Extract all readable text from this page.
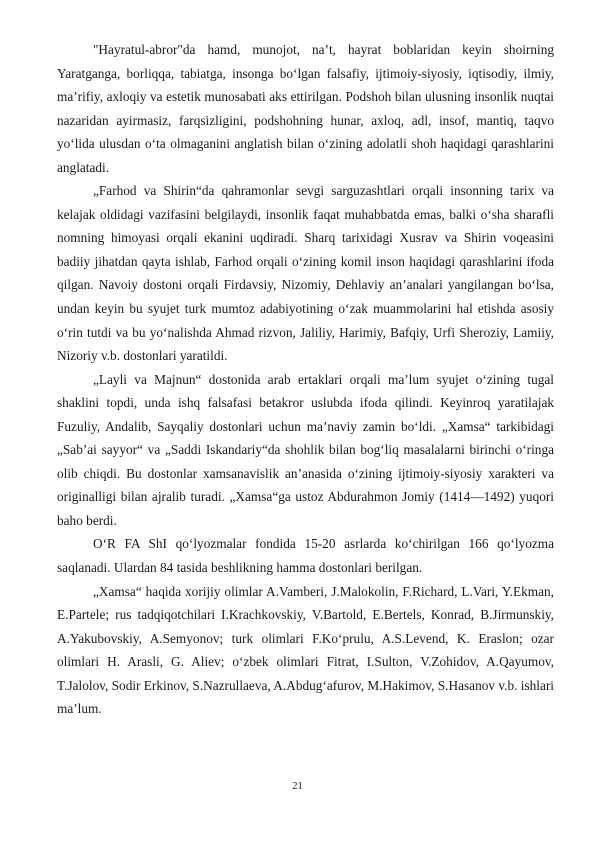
"Hayratul-abror"da hamd, munojot, naʼt, hayrat boblaridan keyin shoirning Yaratganga, borliqqa, tabiatga, insonga boʻlgan falsafiy, ijtimoiy-siyosiy, iqtisodiy, ilmiy, maʼrifiy, axloqiy va estetik munosabati aks ettirilgan. Podshoh bilan ulusning insonlik nuqtai nazaridan ayirmasiz, farqsizligini, podshohning hunar, axloq, adl, insof, mantiq, taqvo yoʻlida ulusdan oʻta olmaganini anglatish bilan oʻzining adolatli shoh haqidagi qarashlarini anglatadi.

„Farhod va Shirin“da qahramonlar sevgi sarguzashtlari orqali insonning tarix va kelajak oldidagi vazifasini belgilaydi, insonlik faqat muhabbatda emas, balki oʻsha sharafli nomning himoyasi orqali ekanini uqdiradi. Sharq tarixidagi Xusrav va Shirin voqeasini badiiy jihatdan qayta ishlab, Farhod orqali oʻzining komil inson haqidagi qarashlarini ifoda qilgan. Navoiy dostoni orqali Firdavsiy, Nizomiy, Dehlaviy anʼanalari yangilangan boʻlsa, undan keyin bu syujet turk mumtoz adabiyotining oʻzak muammolarini hal etishda asosiy oʻrin tutdi va bu yoʻnalishda Ahmad rizvon, Jaliliy, Harimiy, Bafqiy, Urfi Sheroziy, Lamiiy, Nizoriy v.b. dostonlari yaratildi.

„Layli va Majnun“ dostonida arab ertaklari orqali maʼlum syujet oʻzining tugal shaklini topdi, unda ishq falsafasi betakror uslubda ifoda qilindi. Keyinroq yaratilajak Fuzuliy, Andalib, Sayqaliy dostonlari uchun maʼnaviy zamin boʻldi. „Xamsa“ tarkibidagi „Sabʼai sayyor“ va „Saddi Iskandariy“da shohlik bilan bogʻliq masalalarni birinchi oʻringa olib chiqdi. Bu dostonlar xamsanavislik anʼanasida oʻzining ijtimoiy-siyosiy xarakteri va originalligi bilan ajralib turadi. „Xamsa“ga ustoz Abdurahmon Jomiy (1414—1492) yuqori baho berdi.

OʻR FA ShI qoʻlyozmalar fondida 15-20 asrlarda koʻchirilgan 166 qoʻlyozma saqlanadi. Ulardan 84 tasida beshlikning hamma dostonlari berilgan.

„Xamsa“ haqida xorijiy olimlar A.Vamberi, J.Malokolin, F.Richard, L.Vari, Y.Ekman, E.Partele; rus tadqiqotchilari I.Krachkovskiy, V.Bartold, E.Bertels, Konrad, B.Jirmunskiy, A.Yakubovskiy, A.Semyonov; turk olimlari F.Koʻprulu, A.S.Levend, K. Eraslon; ozar olimlari H. Arasli, G. Aliev; oʻzbek olimlari Fitrat, I.Sulton, V.Zohidov, A.Qayumov, T.Jalolov, Sodir Erkinov, S.Nazrullaeva, A.Abdugʻafurov, M.Hakimov, S.Hasanov v.b. ishlari maʼlum.

21
